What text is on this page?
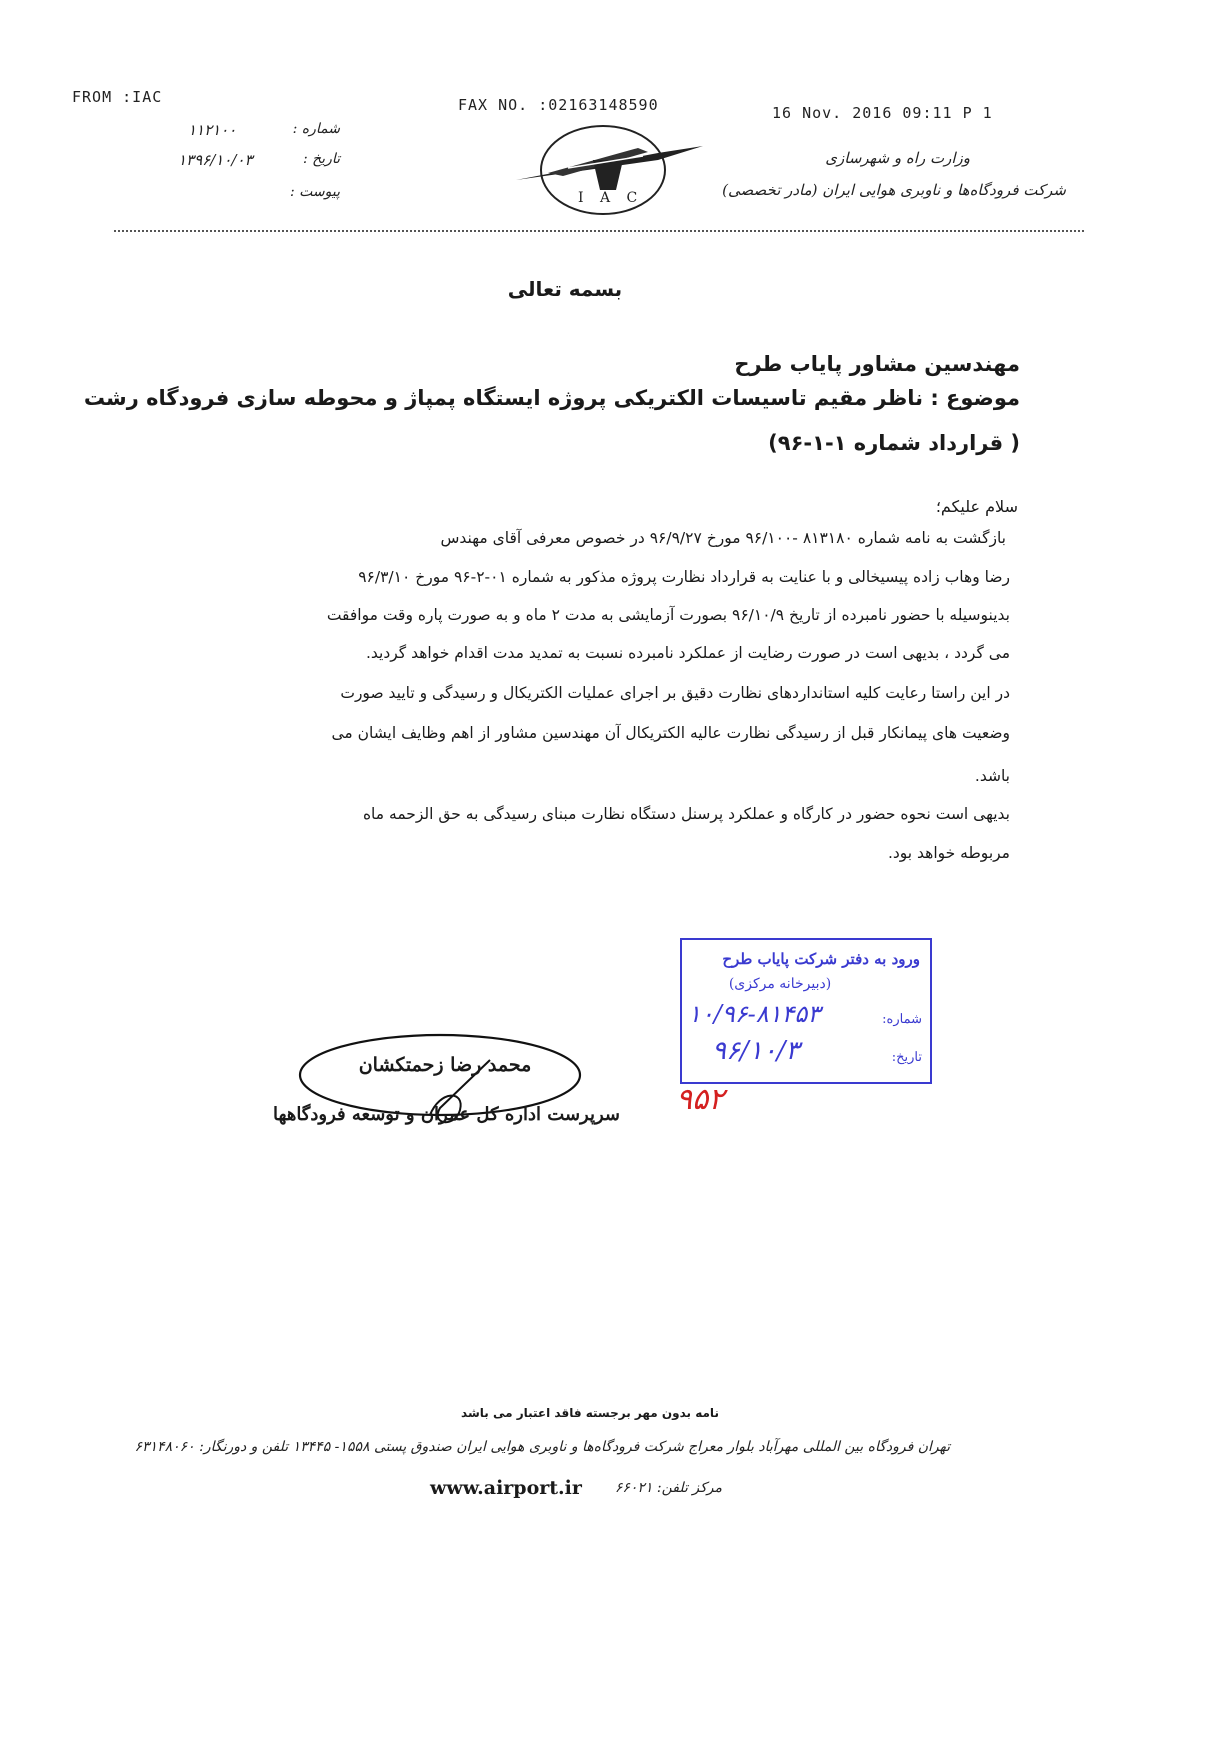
FROM :IAC	FAX NO. :02163148590	16 Nov. 2016 09:11 P 1
۱۱۲۱۰۰	شماره :
۱۳۹۶/۱۰/۰۳	تاریخ :
پیوست :	I A C
وزارت راه و شهرسازی
شرکت فرودگاه‌ها و ناوبری هوایی ایران (مادر تخصصی)
بسمه تعالی
مهندسین مشاور پایاب طرح
موضوع : ناظر مقیم تاسیسات الکتریکی پروژه ایستگاه پمپاژ و محوطه سازی فرودگاه رشت
( قرارداد شماره ۱-۱-۹۶)
سلام علیکم؛
بازگشت به نامه شماره ۸۱۳۱۸۰ -۹۶/۱۰۰ مورخ ۹۶/۹/۲۷ در خصوص معرفی آقای مهندس
رضا وهاب زاده پیسیخالی و با عنایت به قرارداد نظارت پروژه مذکور به شماره ۰۱-۲-۹۶ مورخ ۹۶/۳/۱۰
بدینوسیله با حضور نامبرده از تاریخ ۹۶/۱۰/۹ بصورت آزمایشی به مدت ۲ ماه و به صورت پاره وقت موافقت
می گردد ، بدیهی است در صورت رضایت از عملکرد نامبرده نسبت به تمدید مدت اقدام خواهد گردید.
در این راستا رعایت کلیه استانداردهای نظارت دقیق بر اجرای عملیات الکتریکال و رسیدگی و تایید صورت
وضعیت های پیمانکار قبل از رسیدگی نظارت عالیه الکتریکال آن مهندسین مشاور از اهم وظایف ایشان می
باشد.
بدیهی است نحوه حضور در کارگاه و عملکرد پرسنل دستگاه نظارت مبنای رسیدگی به حق الزحمه ماه
مربوطه خواهد بود.
ورود به دفتر شرکت پایاب طرح
(دبیرخانه مرکزی)
شماره:
۱۰/۹۶-۸۱۴۵۳
تاریخ:
۹۶/۱۰/۳
۹۵۲
محمد رضا زحمتکشان
سرپرست اداره کل عمران و توسعه فرودگاهها
نامه بدون مهر برجسته فاقد اعتبار می باشد
تهران فرودگاه بین المللی مهرآباد بلوار معراج شرکت فرودگاه‌ها و ناوبری هوایی ایران صندوق پستی ۱۵۵۸- ۱۳۴۴۵ تلفن و دورنگار: ۶۳۱۴۸۰۶۰
مرکز تلفن: ۶۶۰۲۱
www.airport.ir
